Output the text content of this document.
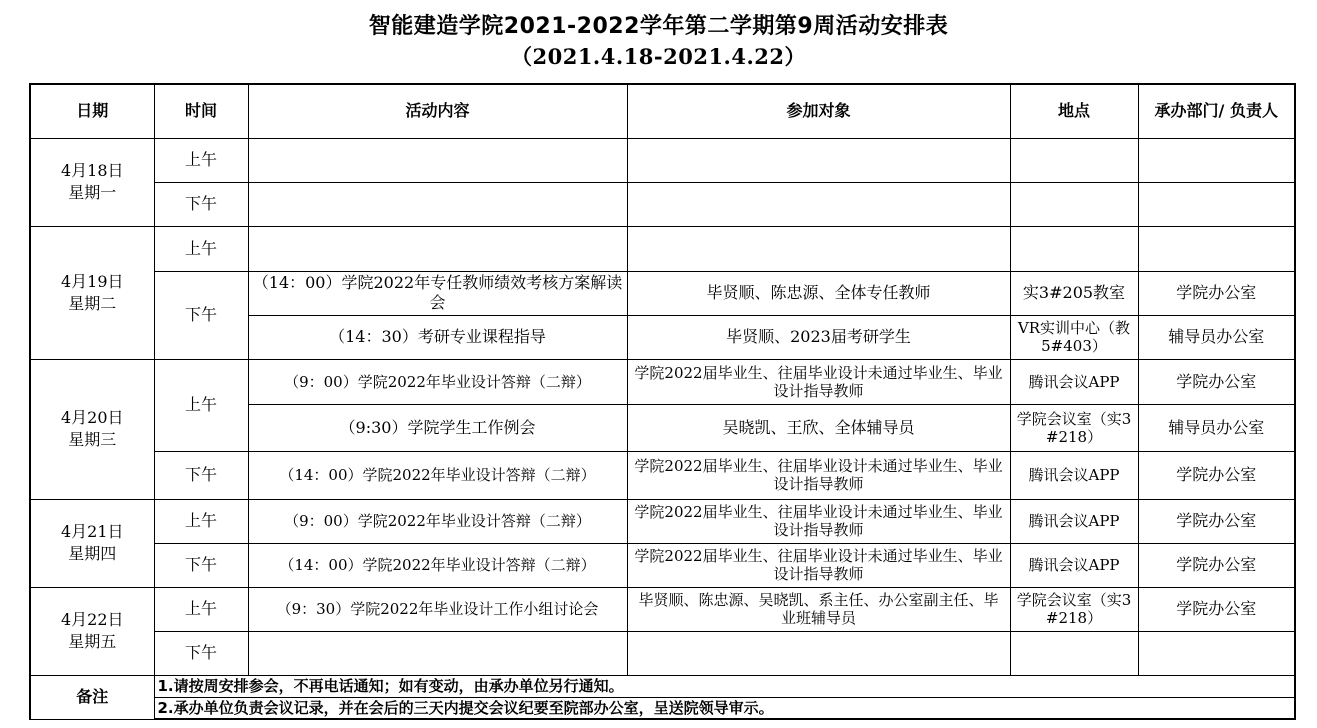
智能建造学院2021-2022学年第二学期第9周活动安排表
（2021.4.18-2021.4.22）
日期	时间	活动内容	参加对象	地点	承办部门/ 负责人
4月18日
星期一	上午				
	下午				
4月19日
星期二	上午				
	下午	（14：00）学院2022年专任教师绩效考核方案解读会	毕贤顺、陈忠源、全体专任教师	实3#205教室	学院办公室
		（14：30）考研专业课程指导	毕贤顺、2023届考研学生	VR实训中心（教5#403）	辅导员办公室
4月20日
星期三	上午	（9：00）学院2022年毕业设计答辩（二辩）	学院2022届毕业生、往届毕业设计未通过毕业生、毕业设计指导教师	腾讯会议APP	学院办公室
		（9:30）学院学生工作例会	吴晓凯、王欣、全体辅导员	学院会议室（实3#218）	辅导员办公室
	下午	（14：00）学院2022年毕业设计答辩（二辩）	学院2022届毕业生、往届毕业设计未通过毕业生、毕业设计指导教师	腾讯会议APP	学院办公室
4月21日
星期四	上午	（9：00）学院2022年毕业设计答辩（二辩）	学院2022届毕业生、往届毕业设计未通过毕业生、毕业设计指导教师	腾讯会议APP	学院办公室
	下午	（14：00）学院2022年毕业设计答辩（二辩）	学院2022届毕业生、往届毕业设计未通过毕业生、毕业设计指导教师	腾讯会议APP	学院办公室
4月22日
星期五	上午	（9：30）学院2022年毕业设计工作小组讨论会	毕贤顺、陈忠源、吴晓凯、系主任、办公室副主任、毕业班辅导员	学院会议室（实3#218）	学院办公室
	下午				
备注	1.请按周安排参会，不再电话通知；如有变动，由承办单位另行通知。				
	2.承办单位负责会议记录，并在会后的三天内提交会议纪要至院部办公室，呈送院领导审示。				
